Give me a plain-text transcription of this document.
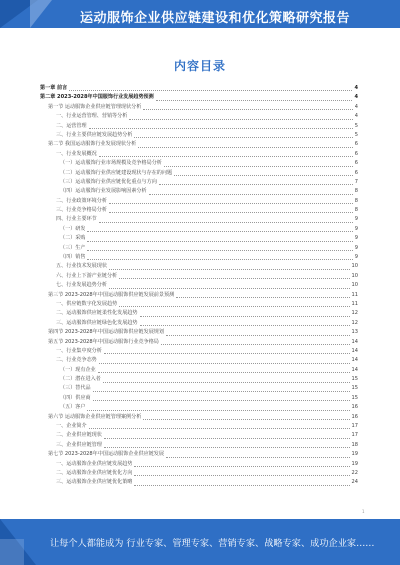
运动服饰企业供应链建设和优化策略研究报告
内容目录
第一章 前言	4
第二章 2023-2028年中国服饰行业发展趋势预测	4
第一节 运动服饰企业供应链管理现状分析	4
一、行业运营管理、营销等分析	4
二、运营管理	5
三、行业主要供应链发展趋势分析	5
第二节 我国运动服饰行业发展现状分析	6
一、行业发展概况	6
（一）运动服饰行业市场规模及竞争格局分析	6
（二）运动服饰行业供应链建设现状与存在的问题	6
（三）运动服饰行业供应链优化重点与方向	7
（四）运动服饰行业发展影响因素分析	8
二、行业政策环境分析	8
三、行业竞争格局分析	8
四、行业主要环节	9
（一）研发	9
（二）采购	9
（三）生产	9
（四）销售	9
五、行业技术发展现状	10
六、行业上下游产业链分析	10
七、行业发展趋势分析	10
第三节 2023-2028年中国运动服饰供应链发展前景预测	11
一、供应链数字化发展趋势	11
二、运动服饰供应链柔性化发展趋势	12
三、运动服饰供应链绿色化发展趋势	12
第四节 2023-2028年中国运动服饰供应链发展规划	13
第五节 2023-2028年中国运动服饰行业竞争格局	14
一、行业集中度分析	14
二、行业竞争态势	14
（一）现有企业	14
（二）潜在进入者	15
（三）替代品	15
（四）供应商	15
（五）客户	16
第六节 运动服饰企业供应链管理案例分析	16
一、企业简介	17
二、企业供应链现状	17
三、企业供应链管理	18
第七节 2023-2028年中国运动服饰企业供应链发展	19
一、运动服饰企业供应链发展趋势	19
二、运动服饰企业供应链优化方向	22
三、运动服饰企业供应链优化策略	24
1
让每个人都能成为 行业专家、管理专家、营销专家、战略专家、成功企业家……
